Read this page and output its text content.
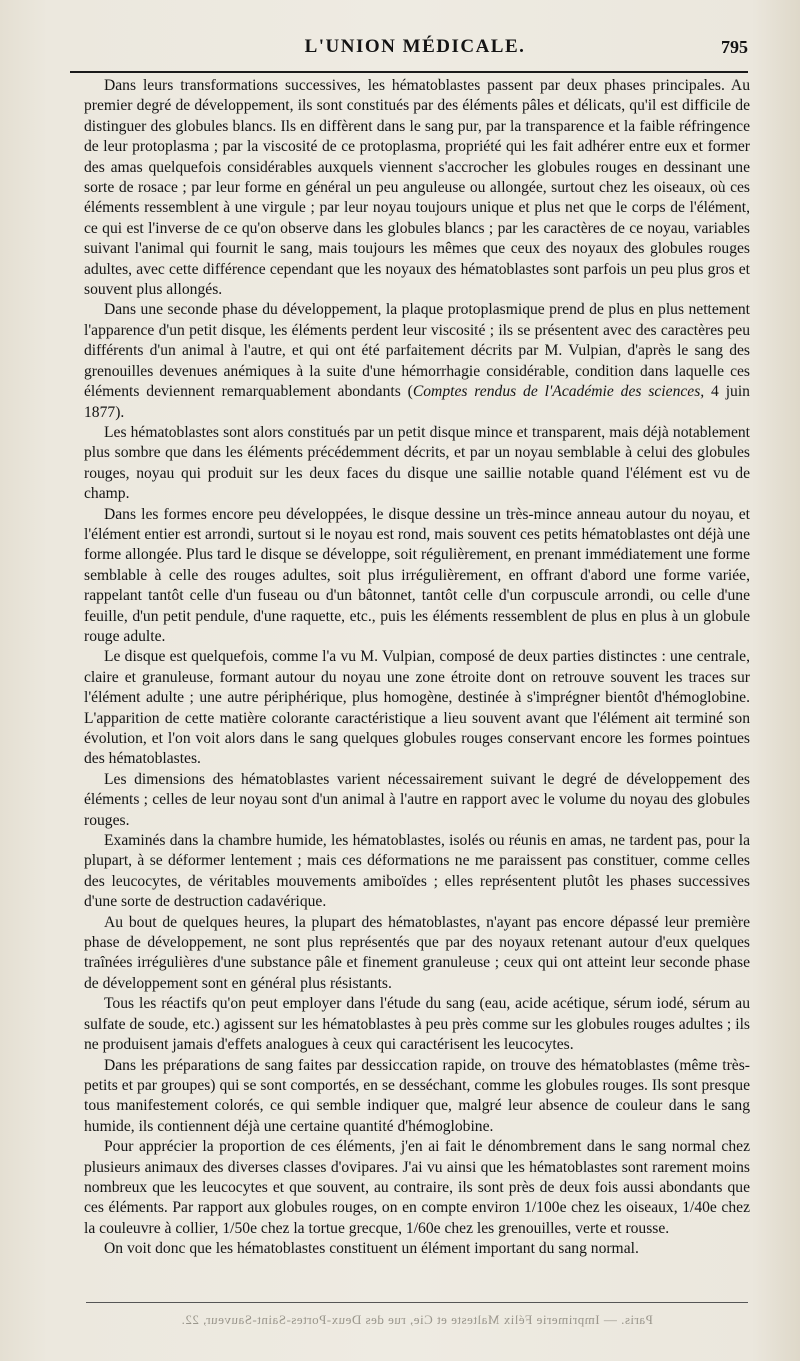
L'UNION MÉDICALE.	795

Dans leurs transformations successives, les hématoblastes passent par deux phases principales. Au premier degré de développement, ils sont constitués par des éléments pâles et délicats, qu'il est difficile de distinguer des globules blancs. Ils en diffèrent dans le sang pur, par la transparence et la faible réfringence de leur protoplasma ; par la viscosité de ce protoplasma, propriété qui les fait adhérer entre eux et former des amas quelquefois considérables auxquels viennent s'accrocher les globules rouges en dessinant une sorte de rosace ; par leur forme en général un peu anguleuse ou allongée, surtout chez les oiseaux, où ces éléments ressemblent à une virgule ; par leur noyau toujours unique et plus net que le corps de l'élément, ce qui est l'inverse de ce qu'on observe dans les globules blancs ; par les caractères de ce noyau, variables suivant l'animal qui fournit le sang, mais toujours les mêmes que ceux des noyaux des globules rouges adultes, avec cette différence cependant que les noyaux des hématoblastes sont parfois un peu plus gros et souvent plus allongés.

Dans une seconde phase du développement, la plaque protoplasmique prend de plus en plus nettement l'apparence d'un petit disque, les éléments perdent leur viscosité ; ils se présentent avec des caractères peu différents d'un animal à l'autre, et qui ont été parfaitement décrits par M. Vulpian, d'après le sang des grenouilles devenues anémiques à la suite d'une hémorrhagie considérable, condition dans laquelle ces éléments deviennent remarquablement abondants (Comptes rendus de l'Académie des sciences, 4 juin 1877).

Les hématoblastes sont alors constitués par un petit disque mince et transparent, mais déjà notablement plus sombre que dans les éléments précédemment décrits, et par un noyau semblable à celui des globules rouges, noyau qui produit sur les deux faces du disque une saillie notable quand l'élément est vu de champ.

Dans les formes encore peu développées, le disque dessine un très-mince anneau autour du noyau, et l'élément entier est arrondi, surtout si le noyau est rond, mais souvent ces petits hématoblastes ont déjà une forme allongée. Plus tard le disque se développe, soit régulièrement, en prenant immédiatement une forme semblable à celle des rouges adultes, soit plus irrégulièrement, en offrant d'abord une forme variée, rappelant tantôt celle d'un fuseau ou d'un bâtonnet, tantôt celle d'un corpuscule arrondi, ou celle d'une feuille, d'un petit pendule, d'une raquette, etc., puis les éléments ressemblent de plus en plus à un globule rouge adulte.

Le disque est quelquefois, comme l'a vu M. Vulpian, composé de deux parties distinctes : une centrale, claire et granuleuse, formant autour du noyau une zone étroite dont on retrouve souvent les traces sur l'élément adulte ; une autre périphérique, plus homogène, destinée à s'imprégner bientôt d'hémoglobine. L'apparition de cette matière colorante caractéristique a lieu souvent avant que l'élément ait terminé son évolution, et l'on voit alors dans le sang quelques globules rouges conservant encore les formes pointues des hématoblastes.

Les dimensions des hématoblastes varient nécessairement suivant le degré de développement des éléments ; celles de leur noyau sont d'un animal à l'autre en rapport avec le volume du noyau des globules rouges.

Examinés dans la chambre humide, les hématoblastes, isolés ou réunis en amas, ne tardent pas, pour la plupart, à se déformer lentement ; mais ces déformations ne me paraissent pas constituer, comme celles des leucocytes, de véritables mouvements amiboïdes ; elles représentent plutôt les phases successives d'une sorte de destruction cadavérique.

Au bout de quelques heures, la plupart des hématoblastes, n'ayant pas encore dépassé leur première phase de développement, ne sont plus représentés que par des noyaux retenant autour d'eux quelques traînées irrégulières d'une substance pâle et finement granuleuse ; ceux qui ont atteint leur seconde phase de développement sont en général plus résistants.

Tous les réactifs qu'on peut employer dans l'étude du sang (eau, acide acétique, sérum iodé, sérum au sulfate de soude, etc.) agissent sur les hématoblastes à peu près comme sur les globules rouges adultes ; ils ne produisent jamais d'effets analogues à ceux qui caractérisent les leucocytes.

Dans les préparations de sang faites par dessiccation rapide, on trouve des hématoblastes (même très-petits et par groupes) qui se sont comportés, en se desséchant, comme les globules rouges. Ils sont presque tous manifestement colorés, ce qui semble indiquer que, malgré leur absence de couleur dans le sang humide, ils contiennent déjà une certaine quantité d'hémoglobine.

Pour apprécier la proportion de ces éléments, j'en ai fait le dénombrement dans le sang normal chez plusieurs animaux des diverses classes d'ovipares. J'ai vu ainsi que les hématoblastes sont rarement moins nombreux que les leucocytes et que souvent, au contraire, ils sont près de deux fois aussi abondants que ces éléments. Par rapport aux globules rouges, on en compte environ 1/100e chez les oiseaux, 1/40e chez la couleuvre à collier, 1/50e chez la tortue grecque, 1/60e chez les grenouilles, verte et rousse.

On voit donc que les hématoblastes constituent un élément important du sang normal.

Paris. — Imprimerie Félix Malteste et Cie, rue des Deux-Portes-Saint-Sauveur, 22.
